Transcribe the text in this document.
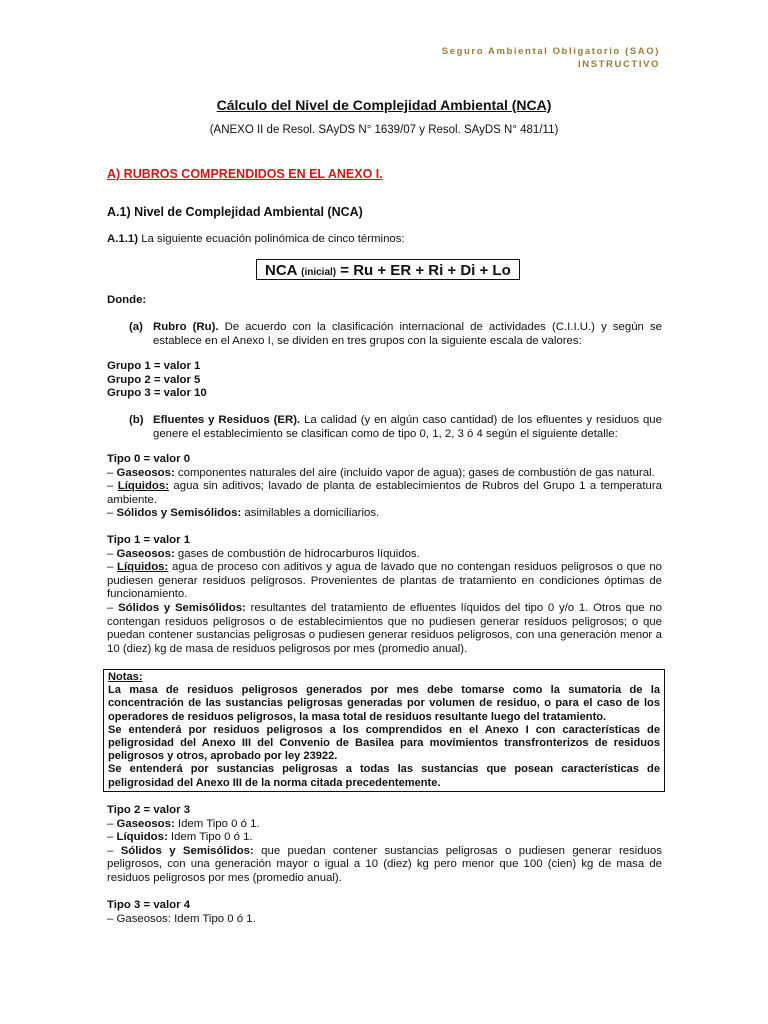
Seguro Ambiental Obligatorio (SAO)
INSTRUCTIVO
Cálculo del Nivel de Complejidad Ambiental (NCA)
(ANEXO II de Resol. SAyDS N° 1639/07 y Resol. SAyDS N° 481/11)
A) RUBROS COMPRENDIDOS EN EL ANEXO I.
A.1) Nivel de Complejidad Ambiental (NCA)
A.1.1) La siguiente ecuación polinómica de cinco términos:
NCA (inicial) = Ru + ER + Ri + Di + Lo
Donde:
(a) Rubro (Ru). De acuerdo con la clasificación internacional de actividades (C.I.I.U.) y según se establece en el Anexo I, se dividen en tres grupos con la siguiente escala de valores:
Grupo 1 = valor 1
Grupo 2 = valor 5
Grupo 3 = valor 10
(b) Efluentes y Residuos (ER). La calidad (y en algún caso cantidad) de los efluentes y residuos que genere el establecimiento se clasifican como de tipo 0, 1, 2, 3 ó 4 según el siguiente detalle:
Tipo 0 = valor 0
– Gaseosos: componentes naturales del aire (incluido vapor de agua); gases de combustión de gas natural.
– Líquidos: agua sin aditivos; lavado de planta de establecimientos de Rubros del Grupo 1 a temperatura ambiente.
– Sólidos y Semisólidos: asimilables a domiciliarios.
Tipo 1 = valor 1
– Gaseosos: gases de combustión de hidrocarburos líquidos.
– Líquidos: agua de proceso con aditivos y agua de lavado que no contengan residuos peligrosos o que no pudiesen generar residuos peligrosos. Provenientes de plantas de tratamiento en condiciones óptimas de funcionamiento.
– Sólidos y Semisólidos: resultantes del tratamiento de efluentes líquidos del tipo 0 y/o 1. Otros que no contengan residuos peligrosos o de establecimientos que no pudiesen generar residuos peligrosos; o que puedan contener sustancias peligrosas o pudiesen generar residuos peligrosos, con una generación menor a 10 (diez) kg de masa de residuos peligrosos por mes (promedio anual).

Notas:

La masa de residuos peligrosos generados por mes debe tomarse como la sumatoria de la concentración de las sustancias peligrosas generadas por volumen de residuo, o para el caso de los operadores de residuos peligrosos, la masa total de residuos resultante luego del tratamiento.

Se entenderá por residuos peligrosos a los comprendidos en el Anexo I con características de peligrosidad del Anexo III del Convenio de Basilea para movimientos transfronterizos de residuos peligrosos y otros, aprobado por ley 23922.

Se entenderá por sustancias peligrosas a todas las sustancias que posean características de peligrosidad del Anexo III de la norma citada precedentemente.

Tipo 2 = valor 3
– Gaseosos: Idem Tipo 0 ó 1.
– Líquidos: Idem Tipo 0 ó 1.
– Sólidos y Semisólidos: que puedan contener sustancias peligrosas o pudiesen generar residuos peligrosos, con una generación mayor o igual a 10 (diez) kg pero menor que 100 (cien) kg de masa de residuos peligrosos por mes (promedio anual).
Tipo 3 = valor 4
– Gaseosos: Idem Tipo 0 ó 1.
